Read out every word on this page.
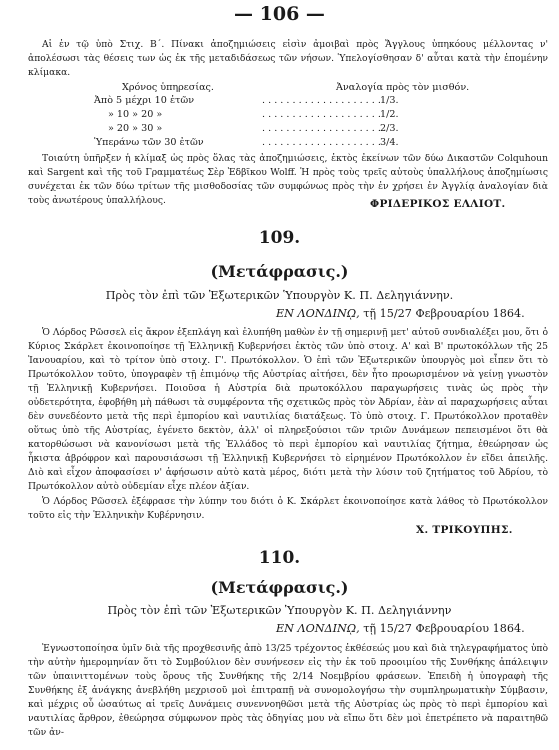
— 106 —
Αἱ ἐν τῷ ὑπὸ Στιχ. Β΄. Πίνακι ἀποζημιώσεις εἰσὶν ἀμοιβαὶ πρὸς Ἄγγλους ὑπηκόους μέλλοντας ν' ἀπολέσωσι τὰς θέσεις των ὡς ἐκ τῆς μεταδιδάσεως τῶν νήσων. Ὑπελογίσθησαν δ' αὗται κατὰ τὴν ἑπομένην κλίμακα.
Χρόνος ὑπηρεσίας.	Ἀναλογία πρὸς τὸν μισθόν.
Ἀπὸ 5 μέχρι 10 ἐτῶν	. . . . . . . . . . . . . . . . . . . . 1/3.
» 10 » 20 »	. . . . . . . . . . . . . . . . . . . . 1/2.
» 20 » 30 »	. . . . . . . . . . . . . . . . . . . . 2/3.
Ὑπεράνω τῶν 30 ἐτῶν	. . . . . . . . . . . . . . . . . . . . 3/4.
Τοιαύτη ὑπῆρξεν ἡ κλίμαξ ὡς πρὸς ὅλας τὰς ἀποζημιώσεις, ἐκτὸς ἐκείνων τῶν δύω Δικαστῶν Colquhoun καὶ Sargent καὶ τῆς τοῦ Γραμματέως Σὲρ Ἐδβῖκου Wolff. Ἡ πρὸς τοὺς τρεῖς αὐτοὺς ὑπαλλήλους ἀποζημίωσις συνέχεται ἐκ τῶν δύω τρίτων τῆς μισθοδοσίας τῶν συμφώνως πρὸς τὴν ἐν χρήσει ἐν Ἀγγλίᾳ ἀναλογίαν διὰ τοὺς ἀνωτέρους ὑπαλλήλους.	ΦΡΙΔΕΡΙΚΟΣ ΕΛΛΙΟΤ.
109.
(Μετάφρασις.)
Πρὸς τὸν ἐπὶ τῶν Ἐξωτερικῶν Ὑπουργὸν Κ. Π. Δεληγιάννην.
ΕΝ ΛΟΝΔΙΝῼ, τῇ 15/27 Φεβρουαρίου 1864.
Ὁ Λόρδος Ρῶσσελ εἰς ἄκρον ἐξεπλάγη καὶ ἐλυπήθη μαθὼν ἐν τῇ σημερινῇ μετ' αὐτοῦ συνδιαλέξει μου, ὅτι ὁ Κύριος Σκάρλετ ἐκοινοποίησε τῇ Ἑλληνικῇ Κυβερνήσει ἐκτὸς τῶν ὑπὸ στοιχ. Α' καὶ Β' πρωτοκόλλων τῆς 25 Ἰανουαρίου, καὶ τὸ τρίτον ὑπὸ στοιχ. Γ'. Πρωτόκολλον. Ὁ ἐπὶ τῶν Ἐξωτερικῶν ὑπουργὸς μοὶ εἶπεν ὅτι τὸ Πρωτόκολλον τοῦτο, ὑπογραφὲν τῇ ἐπιμόνῳ τῆς Αὐστρίας αἰτήσει, δὲν ἦτο προωρισμένον νὰ γείνῃ γνωστὸν τῇ Ἑλληνικῇ Κυβερνήσει. Ποιοῦσα ἡ Αὐστρία διὰ πρωτοκόλλου παραγωρήσεις τινὰς ὡς πρὸς τὴν οὐδετερότητα, ἐφοβήθη μὴ πάθωσι τὰ συμφέροντα τῆς σχετικῶς πρὸς τὸν Ἀδρίαν, ἐὰν αἱ παραχωρήσεις αὗται δὲν συνεδέοντο μετὰ τῆς περὶ ἐμπορίου καὶ ναυτιλίας διατάξεως. Τὸ ὑπὸ στοιχ. Γ. Πρωτόκολλον προταθὲν οὕτως ὑπὸ τῆς Αὐστρίας, ἐγένετο δεκτὸν, ἀλλ' οἱ πληρεξούσιοι τῶν τριῶν Δυνάμεων πεπεισμένοι ὅτι θὰ κατορθώσωσι νὰ κανονίσωσι μετὰ τῆς Ἑλλάδος τὸ περὶ ἐμπορίου καὶ ναυτιλίας ζήτημα, ἐθεώρησαν ὡς ἧκιστα ἁβρόφρον καὶ παρουσιάσωσι τῇ Ἑλληνικῇ Κυβερνήσει τὸ εἰρημένον Πρωτόκολλον ἐν εἴδει ἀπειλῆς. Διὸ καὶ εἶχον ἀποφασίσει ν' ἀφήσωσιν αὐτὸ κατὰ μέρος, διότι μετὰ τὴν λύσιν τοῦ ζητήματος τοῦ Ἀδρίου, τὸ Πρωτόκολλον αὐτὸ οὐδεμίαν εἶχε πλέον ἀξίαν.
Ὁ Λόρδος Ρῶσσελ ἐξέφρασε τὴν λύπην του διότι ὁ Κ. Σκάρλετ ἐκοινοποίησε κατὰ λάθος τὸ Πρωτόκολλον τοῦτο εἰς τὴν Ἑλληνικὴν Κυβέρνησιν.
Χ. ΤΡΙΚΟΥΠΗΣ.
110.
(Μετάφρασις.)
Πρὸς τὸν ἐπὶ τῶν Ἐξωτερικῶν Ὑπουργὸν Κ. Π. Δεληγιάννην
ΕΝ ΛΟΝΔΙΝῼ, τῇ 15/27 Φεβρουαρίου 1864.
Ἐγνωστοποίησα ὑμῖν διὰ τῆς προχθεσινῆς ἀπὸ 13/25 τρέχοντος ἐκθέσεώς μου καὶ διὰ τηλεγραφήματος ὑπὸ τὴν αὐτὴν ἡμερομηνίαν ὅτι τὸ Συμβούλιον δὲν συνήνεσεν εἰς τὴν ἐκ τοῦ προοιμίου τῆς Συνθήκης ἀπάλειψιν τῶν ὑπαινιττομένων τοὺς ὅρους τῆς Συνθήκης τῆς 2/14 Νοεμβρίου φράσεων. Ἐπειδὴ ἡ ὑπογραφὴ τῆς Συνθήκης ἐξ ἀνάγκης ἀνεβλήθη μεχρισοῦ μοὶ ἐπιτραπῇ νὰ συνομολογήσω τὴν συμπληρωματικὴν Σύμβασιν, καὶ μέχρις οὗ ὡσαύτως αἱ τρεῖς Δυνάμεις συνεννοηθῶσι μετὰ τῆς Αὐστρίας ὡς πρὸς τὸ περὶ ἐμπορίου καὶ ναυτιλίας ἄρθρον, ἐθεώρησα σύμφωνον πρὸς τὰς ὁδηγίας μου νὰ εἴπω ὅτι δὲν μοὶ ἐπετρέπετο νὰ παραιτηθῶ τῶν ἀν-
